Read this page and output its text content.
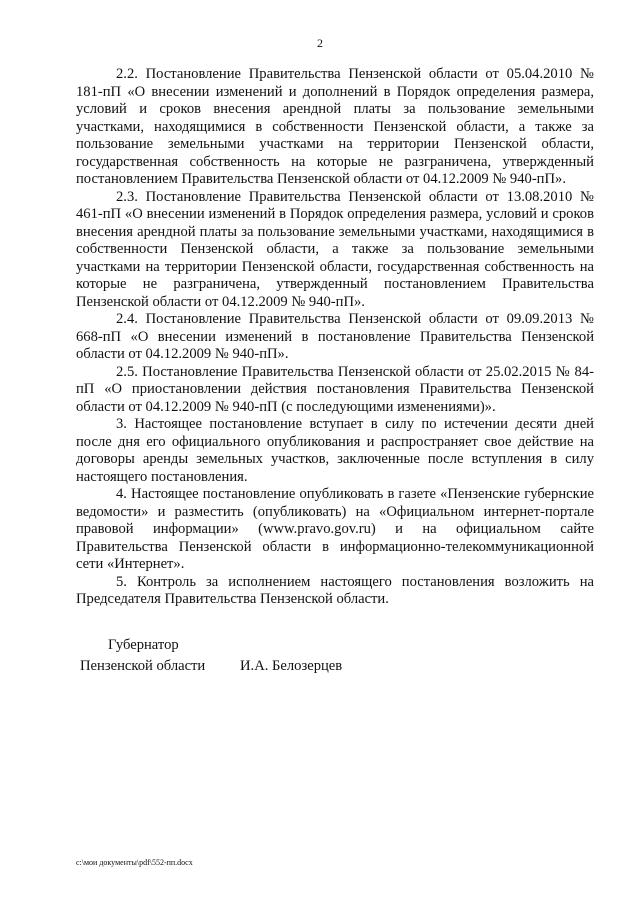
2

2.2. Постановление Правительства Пензенской области от 05.04.2010 № 181-пП «О внесении изменений и дополнений в Порядок определения размера, условий и сроков внесения арендной платы за пользование земельными участками, находящимися в собственности Пензенской области, а также за пользование земельными участками на территории Пензенской области, государственная собственность на которые не разграничена, утвержденный постановлением Правительства Пензенской области от 04.12.2009 № 940-пП».

2.3. Постановление Правительства Пензенской области от 13.08.2010 № 461-пП «О внесении изменений в Порядок определения размера, условий и сроков внесения арендной платы за пользование земельными участками, находящимися в собственности Пензенской области, а также за пользование земельными участками на территории Пензенской области, государственная собственность на которые не разграничена, утвержденный постановлением Правительства Пензенской области от 04.12.2009 № 940-пП».

2.4. Постановление Правительства Пензенской области от 09.09.2013 № 668-пП «О внесении изменений в постановление Правительства Пензенской области от 04.12.2009 № 940-пП».

2.5. Постановление Правительства Пензенской области от 25.02.2015 № 84-пП «О приостановлении действия постановления Правительства Пензенской области от 04.12.2009 № 940-пП (с последующими изменениями)».

3. Настоящее постановление вступает в силу по истечении десяти дней после дня его официального опубликования и распространяет свое действие на договоры аренды земельных участков, заключенные после вступления в силу настоящего постановления.

4. Настоящее постановление опубликовать в газете «Пензенские губернские ведомости» и разместить (опубликовать) на «Официальном интернет-портале правовой информации» (www.pravo.gov.ru) и на официальном сайте Правительства Пензенской области в информационно-телекоммуникационной сети «Интернет».

5. Контроль за исполнением настоящего постановления возложить на Председателя Правительства Пензенской области.

Губернатор
Пензенской области	И.А. Белозерцев
c:\мои документы\pdf\552-пп.docx
